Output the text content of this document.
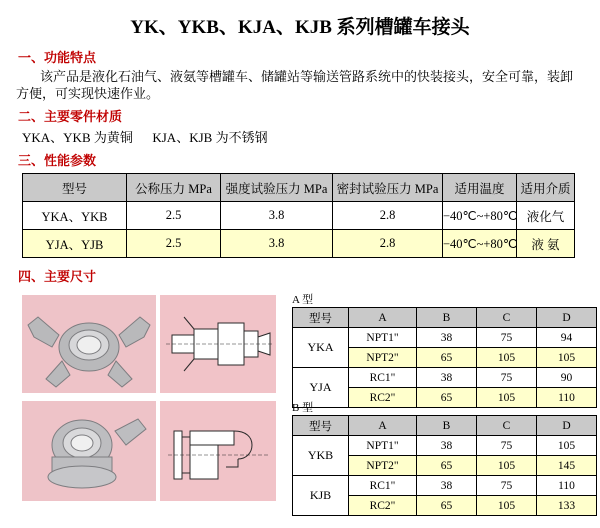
YK、YKB、KJA、KJB 系列槽罐车接头
一、功能特点
该产品是液化石油气、液氨等槽罐车、储罐站等输送管路系统中的快装接头，安全可靠，装卸方便，可实现快速作业。
二、主要零件材质
YKA、YKB 为黄铜      KJA、KJB 为不锈钢
三、性能参数
型号	公称压力 MPa	强度试验压力 MPa	密封试验压力 MPa	适用温度	适用介质
YKA、YKB	2.5	3.8	2.8	−40℃~+80℃	液化气
YJA、YJB	2.5	3.8	2.8	−40℃~+80℃	液 氨
四、主要尺寸
A 型
型号	A	B	C	D
YKA	NPT1"	38	75	94
	NPT2"	65	105	105
YJA	RC1"	38	75	90
	RC2"	65	105	110
B 型
型号	A	B	C	D
YKB	NPT1"	38	75	105
	NPT2"	65	105	145
KJB	RC1"	38	75	110
	RC2"	65	105	133
